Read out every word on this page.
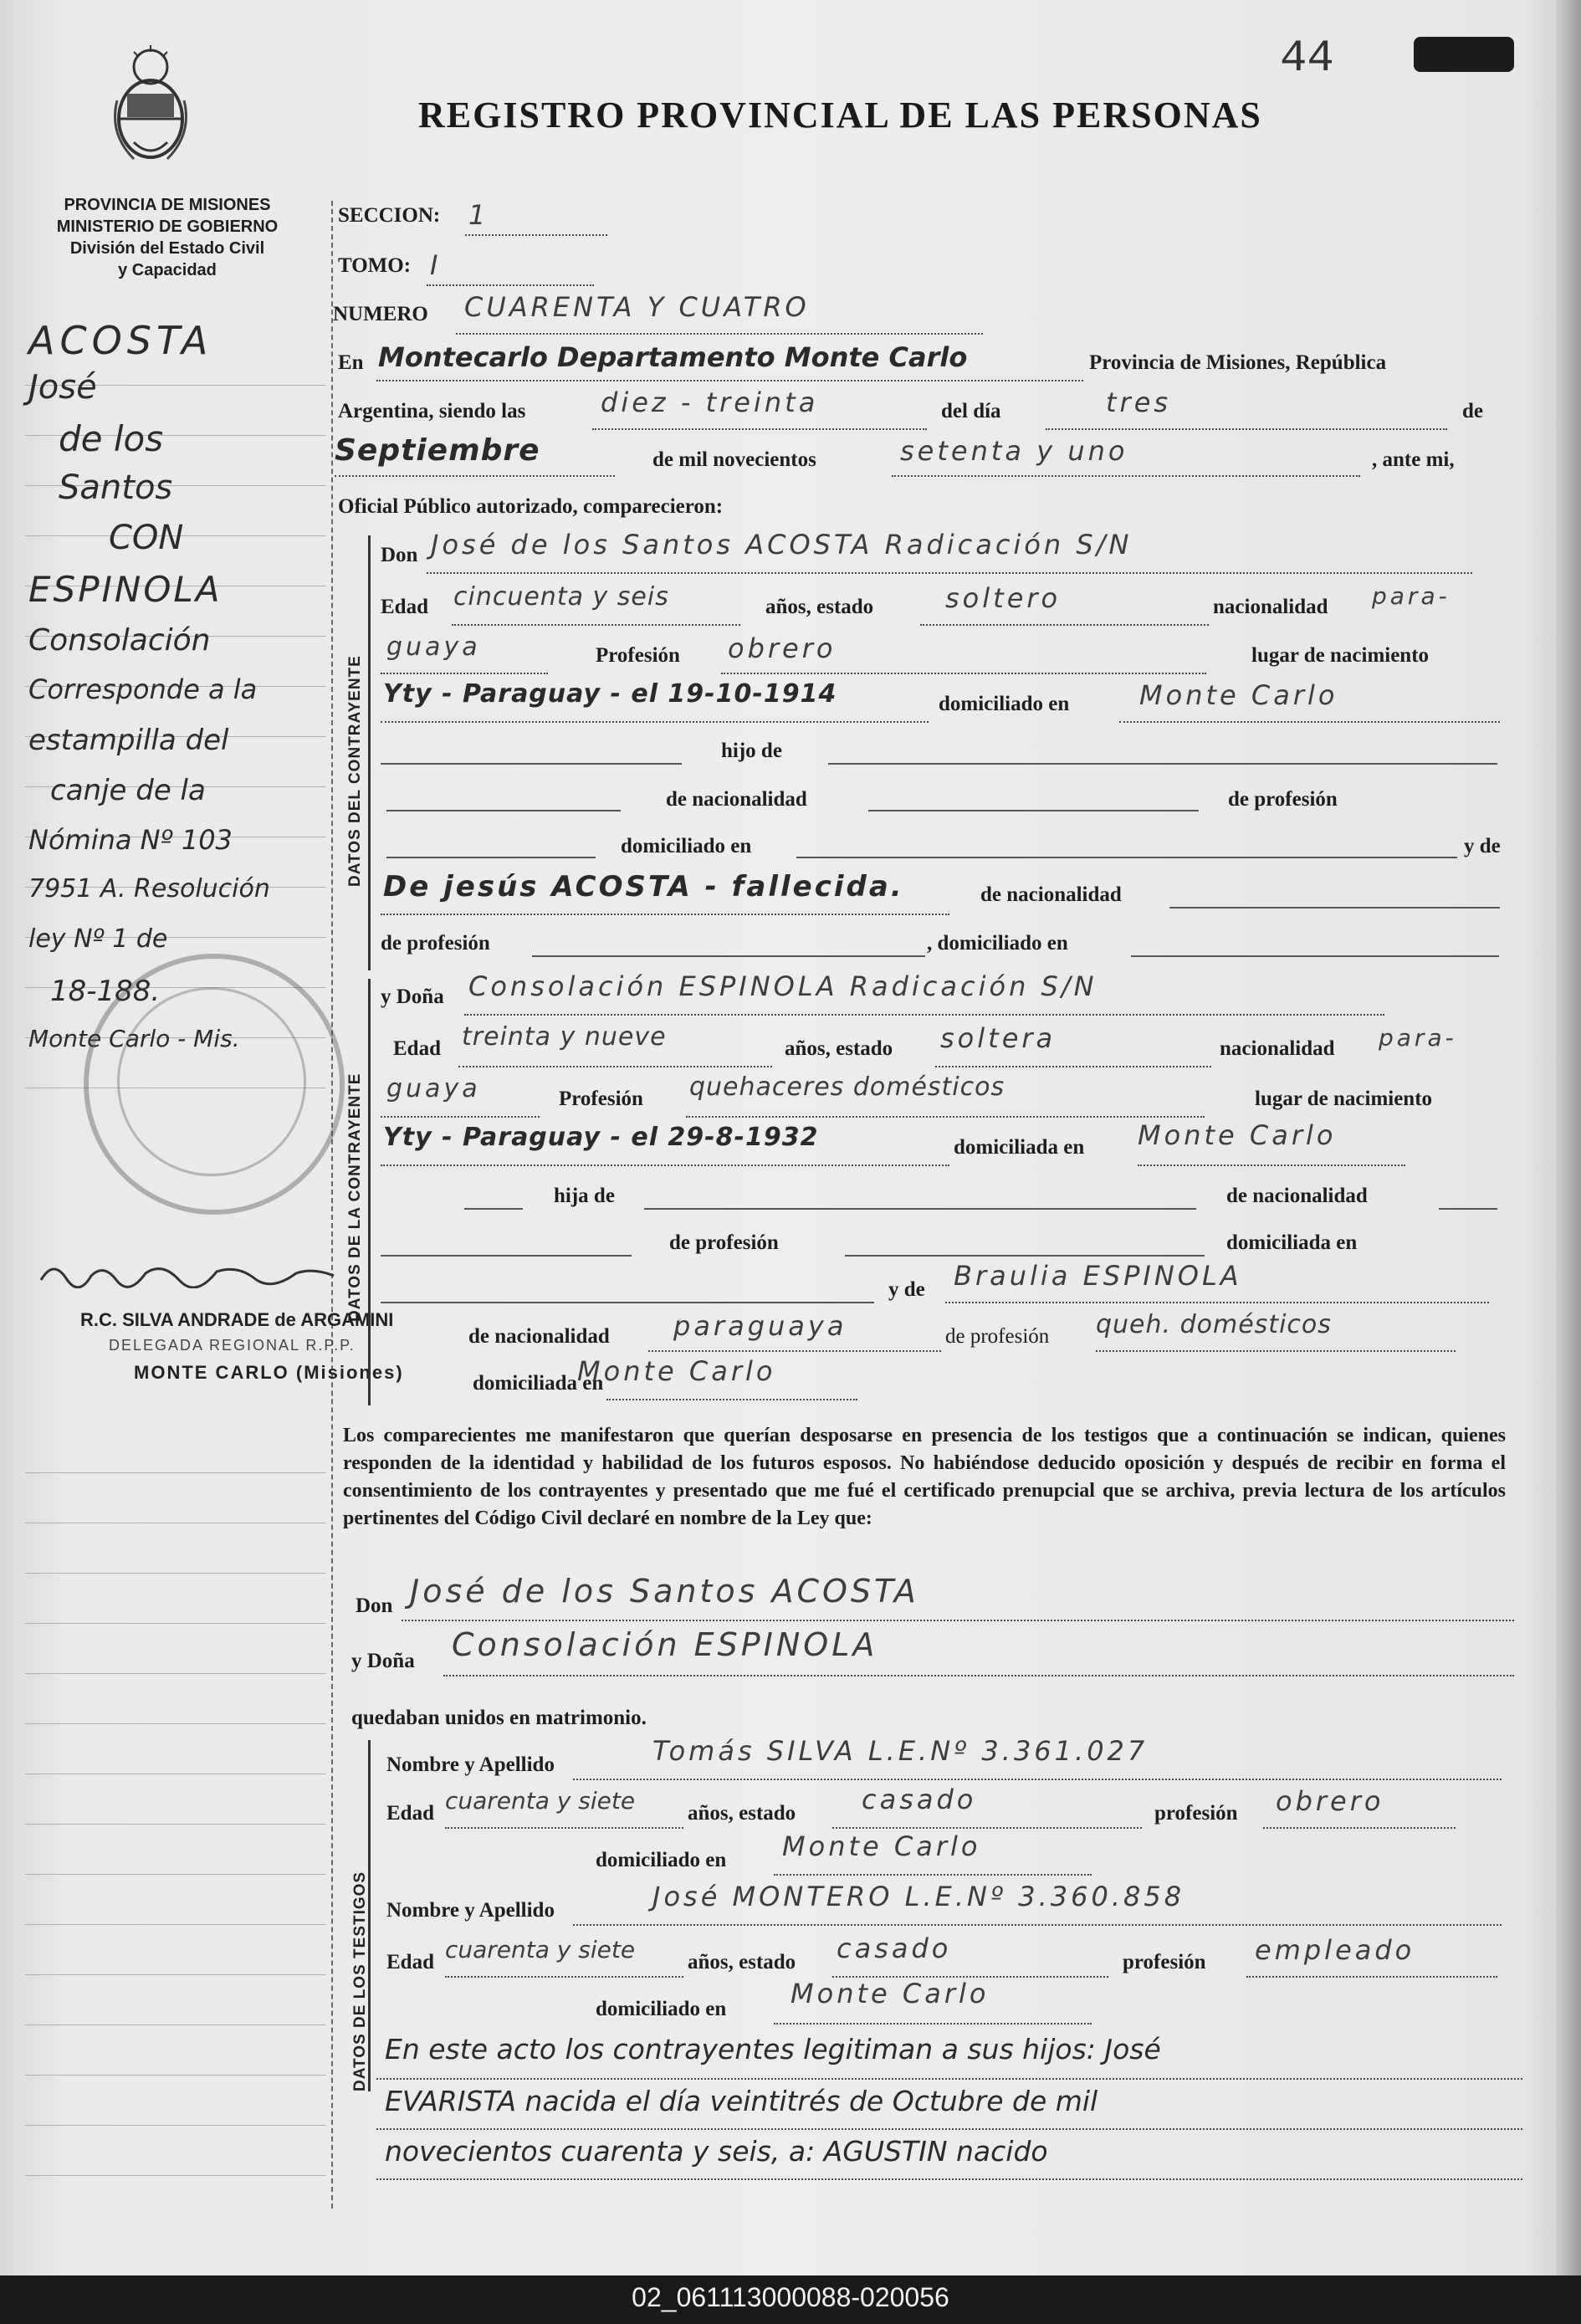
44
REGISTRO PROVINCIAL DE LAS PERSONAS
PROVINCIA DE MISIONES
MINISTERIO DE GOBIERNO
División del Estado Civil
y Capacidad
ACOSTA
José
de los
Santos
CON
ESPINOLA
Consolación
Corresponde a la
estampilla del
canje de la
Nómina Nº 103
7951 A. Resolución
ley Nº 1 de
18-188.
Monte Carlo - Mis.
R.C. SILVA ANDRADE de ARGAMINI
DELEGADA REGIONAL R.P.P.
MONTE CARLO (Misiones)
SECCION: 1
TOMO: I
NUMERO CUARENTA Y CUATRO
En Montecarlo Departamento Monte Carlo	Provincia de Misiones, República
Argentina, siendo las	diez - treinta	del día	tres	de
Septiembre	de mil novecientos	setenta y uno	, ante mi,
Oficial Público autorizado, comparecieron:
DATOS DEL CONTRAYENTE
Don José de los Santos ACOSTA Radicación S/N
Edad cincuenta y seis	años, estado	soltero	nacionalidad para-
guaya	Profesión obrero	lugar de nacimiento
Yty - Paraguay - el 19-10-1914	domiciliado en	Monte Carlo
hijo de
de nacionalidad	de profesión
domiciliado en	y de
De jesús ACOSTA - fallecida.	de nacionalidad
de profesión	, domiciliado en
DATOS DE LA CONTRAYENTE
y Doña Consolación ESPINOLA Radicación S/N
Edad treinta y nueve	años, estado soltera	nacionalidad para-
guaya	Profesión quehaceres domésticos	lugar de nacimiento
Yty - Paraguay - el 29-8-1932	domiciliada en Monte Carlo
hija de	de nacionalidad
de profesión	domiciliada en
y de Braulia ESPINOLA
de nacionalidad paraguaya	de profesión queh. domésticos
domiciliada en
Monte Carlo
Los comparecientes me manifestaron que querían desposarse en presencia de los testigos que a continuación se indican, quienes responden de la identidad y habilidad de los futuros esposos. No habiéndose deducido oposición y después de recibir en forma el consentimiento de los contrayentes y presentado que me fué el certificado prenupcial que se archiva, previa lectura de los artículos pertinentes del Código Civil declaré en nombre de la Ley que:
Don José de los Santos ACOSTA
y Doña Consolación ESPINOLA
quedaban unidos en matrimonio.
DATOS DE LOS TESTIGOS
Nombre y Apellido	Tomás SILVA L.E.Nº 3.361.027
Edad cuarenta y siete	años, estado casado	profesión obrero
domiciliado en Monte Carlo
Nombre y Apellido	José MONTERO L.E.Nº 3.360.858
Edad cuarenta y siete	años, estado casado	profesión empleado
domiciliado en Monte Carlo
En este acto los contrayentes legitiman a sus hijos: José
EVARISTA nacida el día veintitrés de Octubre de mil
novecientos cuarenta y seis, a: AGUSTIN nacido
02_061113000088-020056
